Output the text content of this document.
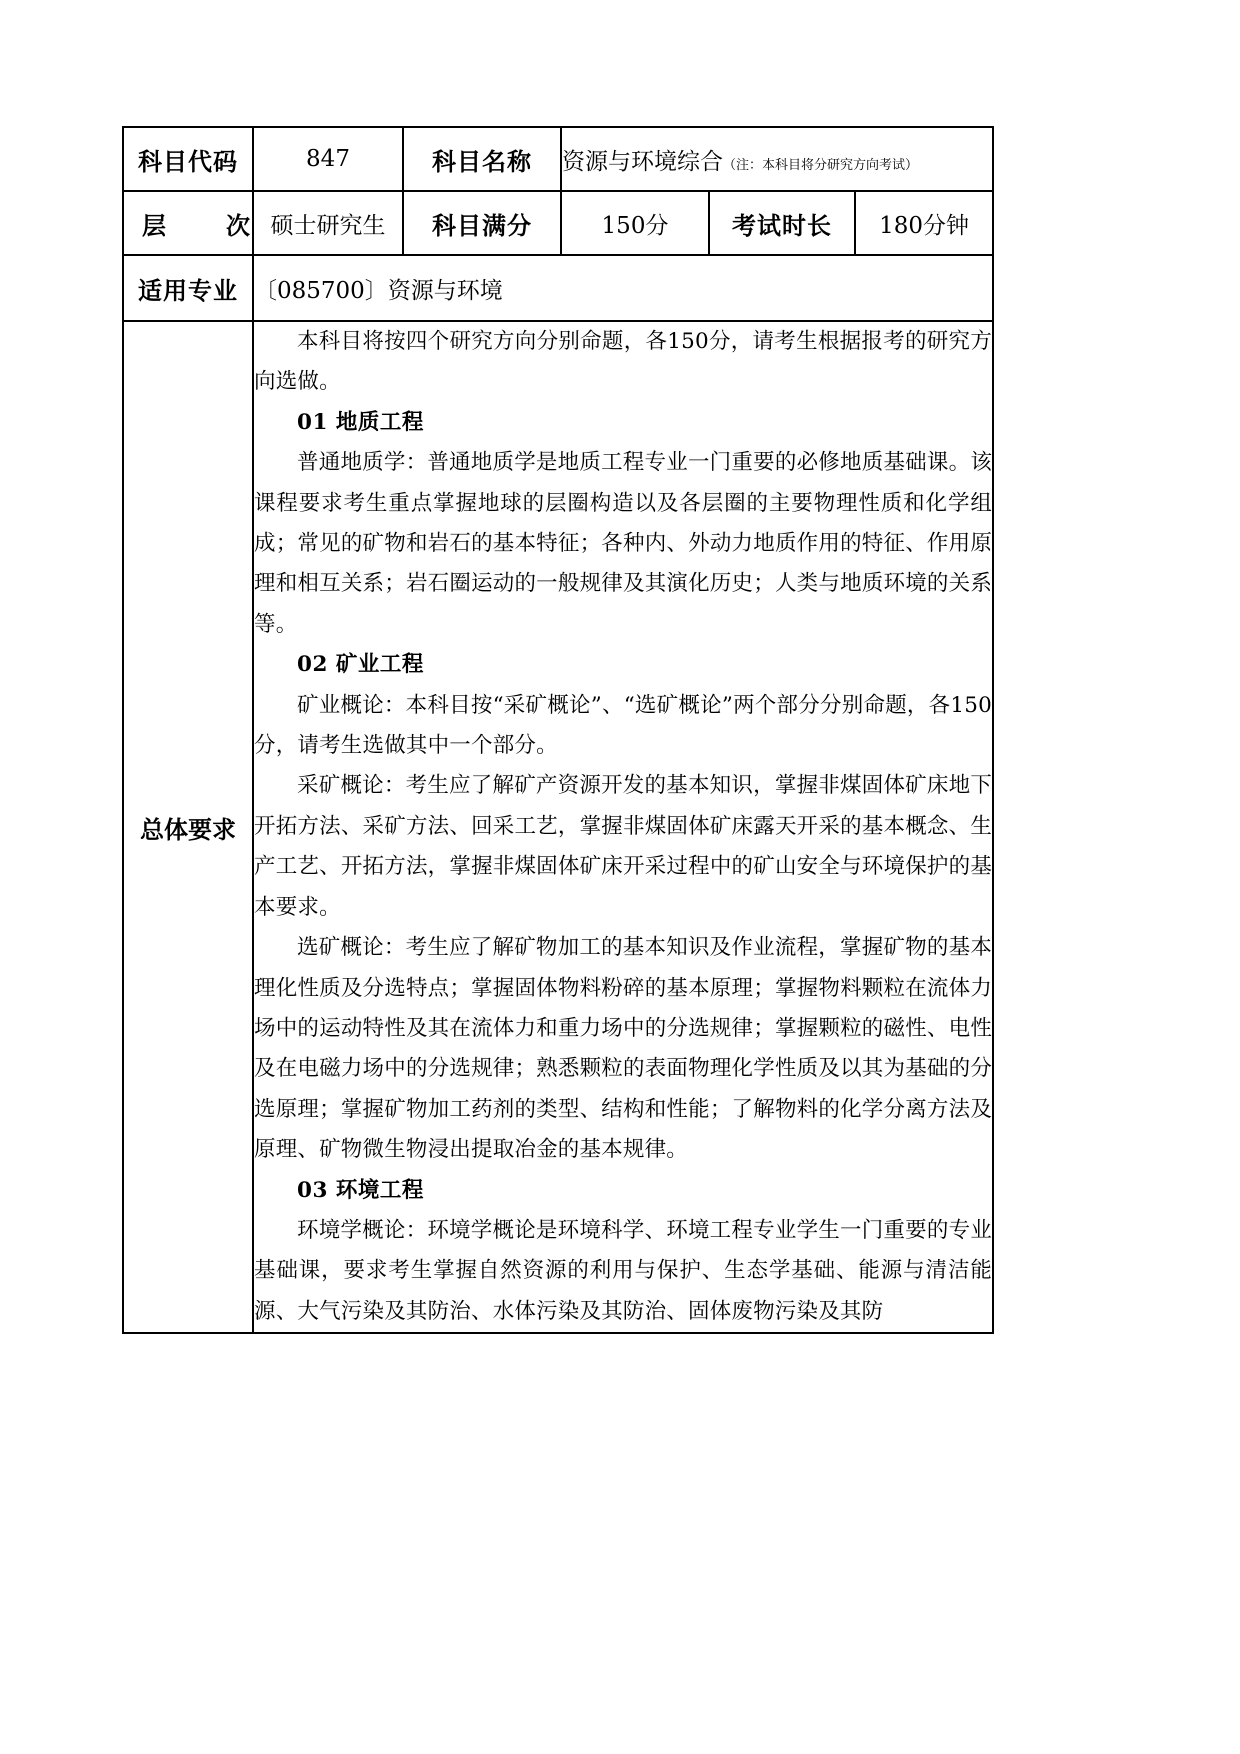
科目代码	847	科目名称	资源与环境综合（注：本科目将分研究方向考试）		
层　次	硕士研究生	科目满分	150分	考试时长	180分钟
适用专业	〔085700〕资源与环境				
总体要求	

本科目将按四个研究方向分别命题，各150分，请考生根据报考的研究方向选做。

01 地质工程

普通地质学：普通地质学是地质工程专业一门重要的必修地质基础课。该课程要求考生重点掌握地球的层圈构造以及各层圈的主要物理性质和化学组成；常见的矿物和岩石的基本特征；各种内、外动力地质作用的特征、作用原理和相互关系；岩石圈运动的一般规律及其演化历史；人类与地质环境的关系等。

02 矿业工程

矿业概论：本科目按“采矿概论”、“选矿概论”两个部分分别命题，各150分，请考生选做其中一个部分。

采矿概论：考生应了解矿产资源开发的基本知识，掌握非煤固体矿床地下开拓方法、采矿方法、回采工艺，掌握非煤固体矿床露天开采的基本概念、生产工艺、开拓方法，掌握非煤固体矿床开采过程中的矿山安全与环境保护的基本要求。

选矿概论：考生应了解矿物加工的基本知识及作业流程，掌握矿物的基本理化性质及分选特点；掌握固体物料粉碎的基本原理；掌握物料颗粒在流体力场中的运动特性及其在流体力和重力场中的分选规律；掌握颗粒的磁性、电性及在电磁力场中的分选规律；熟悉颗粒的表面物理化学性质及以其为基础的分选原理；掌握矿物加工药剂的类型、结构和性能；了解物料的化学分离方法及原理、矿物微生物浸出提取冶金的基本规律。

03 环境工程

环境学概论：环境学概论是环境科学、环境工程专业学生一门重要的专业基础课，要求考生掌握自然资源的利用与保护、生态学基础、能源与清洁能源、大气污染及其防治、水体污染及其防治、固体废物污染及其防
